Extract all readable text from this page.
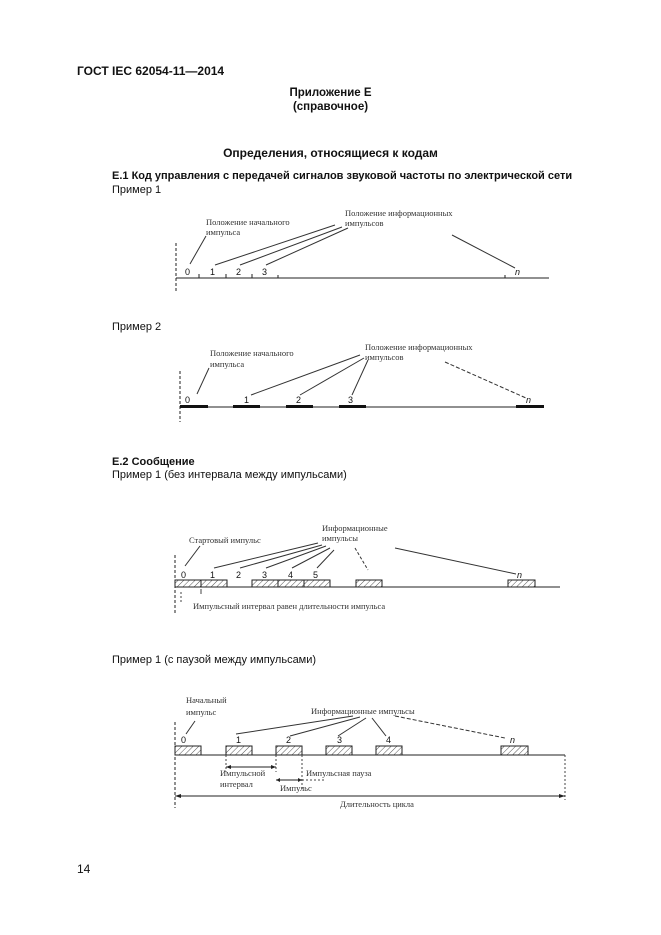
ГОСТ IEC 62054-11—2014
Приложение Е
(справочное)
Определения, относящиеся к кодам
Е.1 Код управления с передачей сигналов звуковой частоты по электрической сети
Пример 1
Пример 2
Е.2 Сообщение
Пример 1 (без интервала между импульсами)
Пример 1 (с паузой между импульсами)
14
Положение начального
импульса
Положение информационных
импульсов
0 1 2 3	n
Положение начального
импульса
Положение информационных
импульсов
0	1	2	3	n
Стартовый импульс
Информационные
импульсы
0	1 2 3 4 5	n
Импульсный интервал равен длительности импульса
Начальный
импульс	Информационные импульсы
0	1	2	3	4	n
Импульсной
интервал
Импульсная пауза
Импульс
Длительность цикла
